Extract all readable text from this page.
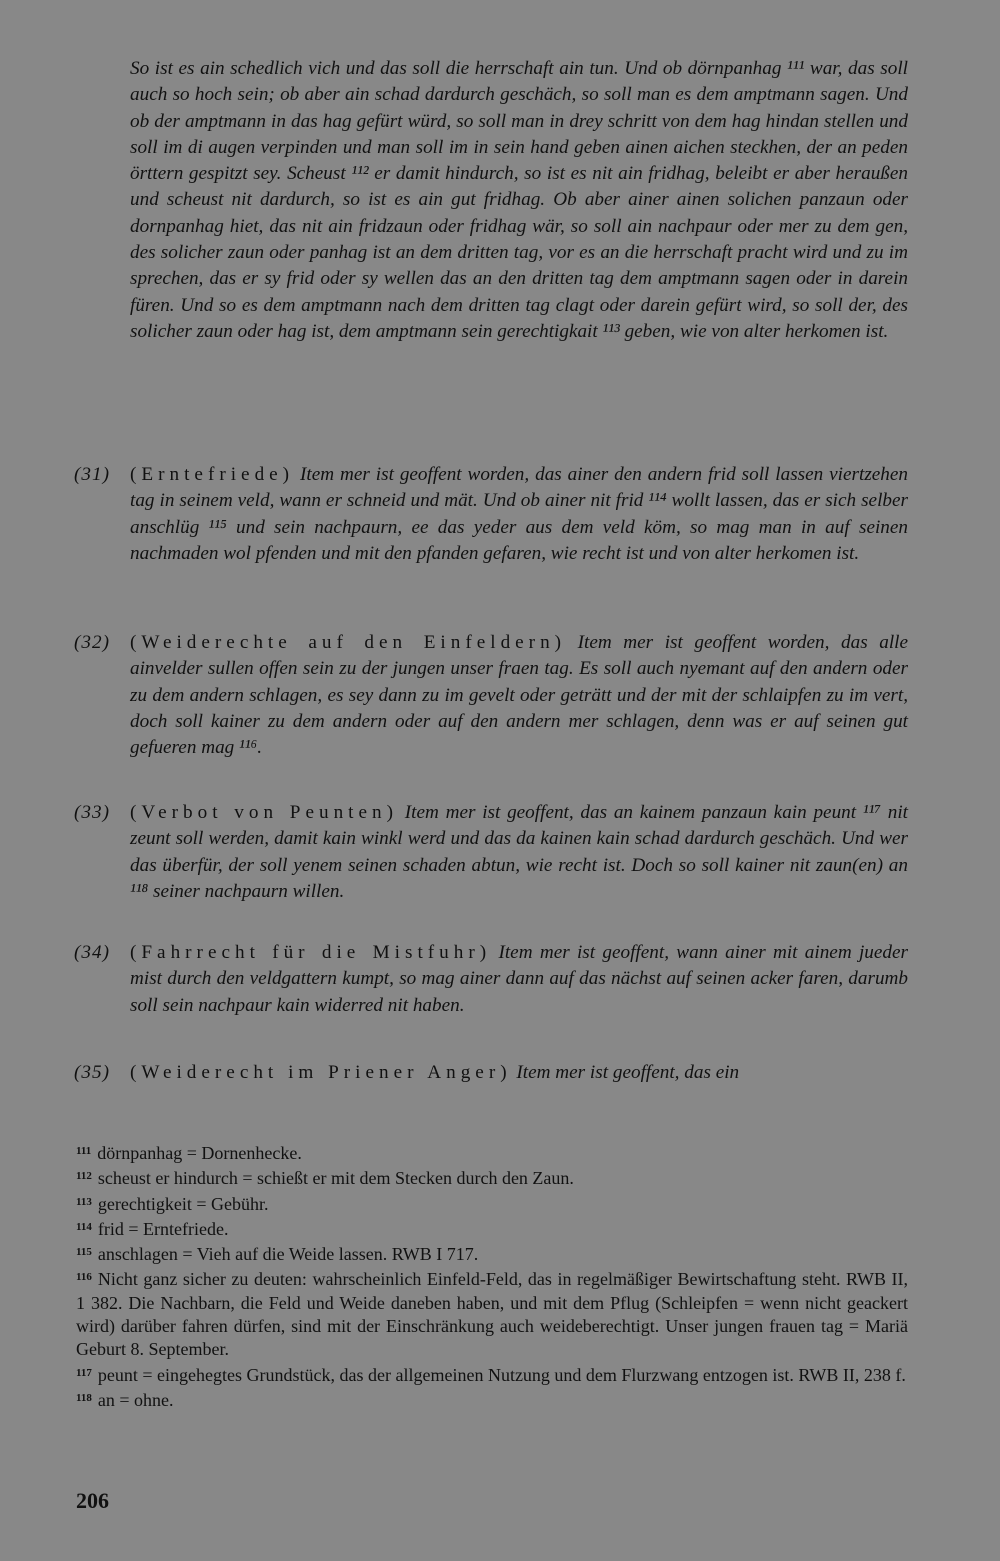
So ist es ain schedlich vich und das soll die herrschaft ain tun. Und ob dörnpanhag ¹¹¹ war, das soll auch so hoch sein; ob aber ain schad dardurch geschäch, so soll man es dem amptmann sagen. Und ob der amptmann in das hag gefürt würd, so soll man in drey schritt von dem hag hindan stellen und soll im di augen verpinden und man soll im in sein hand geben ainen aichen steckhen, der an peden örttern gespitzt sey. Scheust ¹¹² er damit hindurch, so ist es nit ain fridhag, beleibt er aber heraußen und scheust nit dardurch, so ist es ain gut fridhag. Ob aber ainer ainen solichen panzaun oder dornpanhag hiet, das nit ain fridzaun oder fridhag wär, so soll ain nachpaur oder mer zu dem gen, des solicher zaun oder panhag ist an dem dritten tag, vor es an die herrschaft pracht wird und zu im sprechen, das er sy frid oder sy wellen das an den dritten tag dem amptmann sagen oder in darein füren. Und so es dem amptmann nach dem dritten tag clagt oder darein gefürt wird, so soll der, des solicher zaun oder hag ist, dem amptmann sein gerechtigkait ¹¹³ geben, wie von alter herkomen ist.

(31) (Erntefriede) Item mer ist geoffent worden, das ainer den andern frid soll lassen viertzehen tag in seinem veld, wann er schneid und mät. Und ob ainer nit frid ¹¹⁴ wollt lassen, das er sich selber anschlüg ¹¹⁵ und sein nachpaurn, ee das yeder aus dem veld köm, so mag man in auf seinen nachmaden wol pfenden und mit den pfanden gefaren, wie recht ist und von alter herkomen ist.

(32) (Weiderechte auf den Einfeldern) Item mer ist geoffent worden, das alle ainvelder sullen offen sein zu der jungen unser fraen tag. Es soll auch nyemant auf den andern oder zu dem andern schlagen, es sey dann zu im gevelt oder geträtt und der mit der schlaipfen zu im vert, doch soll kainer zu dem andern oder auf den andern mer schlagen, denn was er auf seinen gut gefueren mag ¹¹⁶.

(33) (Verbot von Peunten) Item mer ist geoffent, das an kainem panzaun kain peunt ¹¹⁷ nit zeunt soll werden, damit kain winkl werd und das da kainen kain schad dardurch geschäch. Und wer das überfür, der soll yenem seinen schaden abtun, wie recht ist. Doch so soll kainer nit zaun(en) an ¹¹⁸ seiner nachpaurn willen.

(34) (Fahrrecht für die Mistfuhr) Item mer ist geoffent, wann ainer mit ainem jueder mist durch den veldgattern kumpt, so mag ainer dann auf das nächst auf seinen acker faren, darumb soll sein nachpaur kain widerred nit haben.

(35) (Weiderecht im Priener Anger) Item mer ist geoffent, das ein

$^{111}$ dörnpanhag = Dornenhecke.

$^{112}$ scheust er hindurch = schießt er mit dem Stecken durch den Zaun.

$^{113}$ gerechtigkeit = Gebühr.

$^{114}$ frid = Erntefriede.

$^{115}$ anschlagen = Vieh auf die Weide lassen. RWB I 717.

$^{116}$ Nicht ganz sicher zu deuten: wahrscheinlich Einfeld-Feld, das in regelmäßiger Bewirtschaftung steht. RWB II, 1 382. Die Nachbarn, die Feld und Weide daneben haben, und mit dem Pflug (Schleipfen = wenn nicht geackert wird) darüber fahren dürfen, sind mit der Einschränkung auch weideberechtigt. Unser jungen frauen tag = Mariä Geburt 8. September.

$^{117}$ peunt = eingehegtes Grundstück, das der allgemeinen Nutzung und dem Flurzwang entzogen ist. RWB II, 238 f.

$^{118}$ an = ohne.

206
